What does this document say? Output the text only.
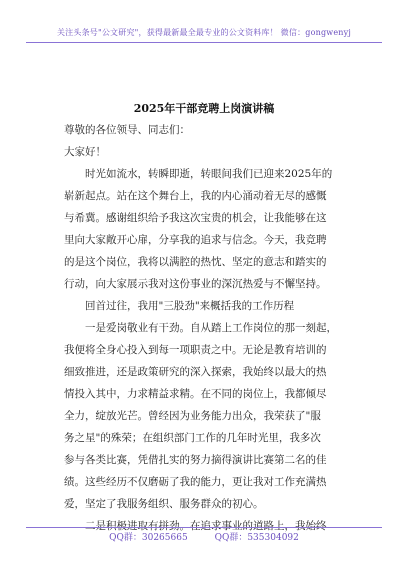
关注头条号"公文研究"，获得最新最全最专业的公文资料库！ 微信：gongwenyj
2025年干部竞聘上岗演讲稿

尊敬的各位领导、同志们：

大家好！

时光如流水，转瞬即逝，转眼间我们已迎来2025年的
崭新起点。站在这个舞台上，我的内心涌动着无尽的感慨
与希冀。感谢组织给予我这次宝贵的机会，让我能够在这
里向大家敞开心扉，分享我的追求与信念。今天，我竞聘
的是这个岗位，我将以满腔的热忱、坚定的意志和踏实的
行动，向大家展示我对这份事业的深沉热爱与不懈坚持。

回首过往，我用"三股劲"来概括我的工作历程

一是爱岗敬业有干劲。自从踏上工作岗位的那一刻起，
我便将全身心投入到每一项职责之中。无论是教育培训的
细致推进，还是政策研究的深入探索，我始终以最大的热
情投入其中，力求精益求精。在不同的岗位上，我都倾尽
全力，绽放光芒。曾经因为业务能力出众，我荣获了"服
务之星"的殊荣；在组织部门工作的几年时光里，我多次
参与各类比赛，凭借扎实的努力摘得演讲比赛第二名的佳
绩。这些经历不仅磨砺了我的能力，更让我对工作充满热
爱，坚定了我服务组织、服务群众的初心。

二是积极进取有拼劲。在追求事业的道路上，我始终

QQ群：30265665	QQ群：535304092
